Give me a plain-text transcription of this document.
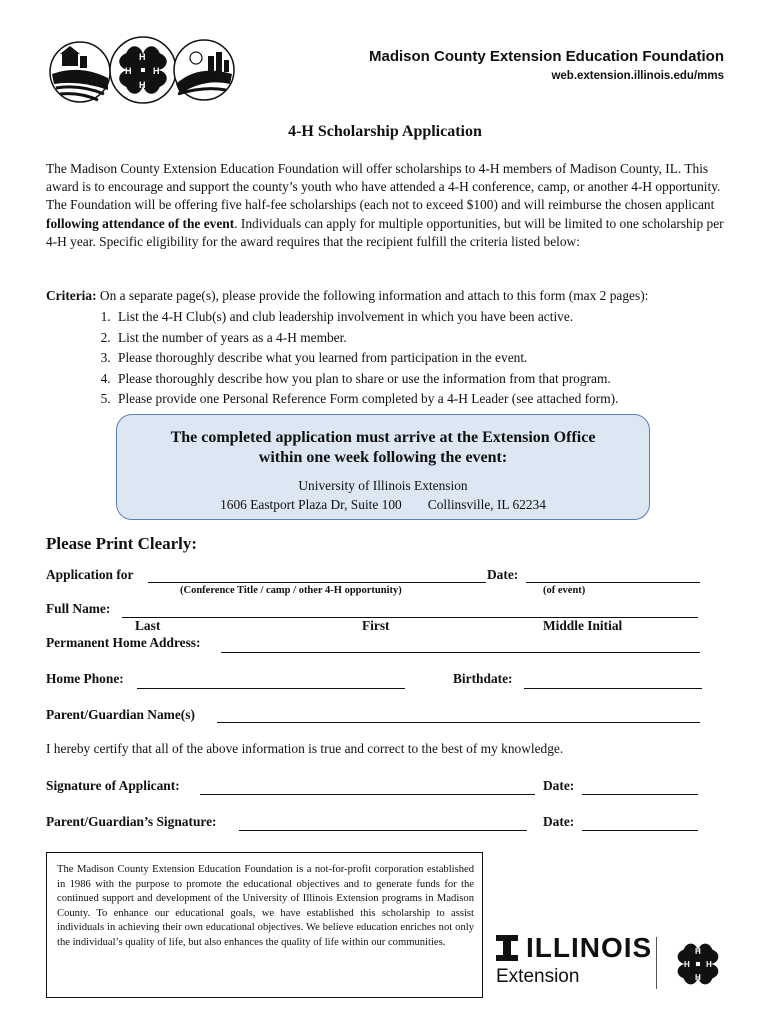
H
H
H
H
Madison County Extension Education Foundation
web.extension.illinois.edu/mms
4-H Scholarship Application
The Madison County Extension Education Foundation will offer scholarships to 4-H members of Madison County, IL. This award is to encourage and support the county’s youth who have attended a 4-H conference, camp, or another 4-H opportunity. The Foundation will be offering five half-fee scholarships (each not to exceed $100) and will reimburse the chosen applicant following attendance of the event. Individuals can apply for multiple opportunities, but will be limited to one scholarship per 4-H year. Specific eligibility for the award requires that the recipient fulfill the criteria listed below:
Criteria: On a separate page(s), please provide the following information and attach to this form (max 2 pages):
1. List the 4-H Club(s) and club leadership involvement in which you have been active.
2. List the number of years as a 4-H member.
3. Please thoroughly describe what you learned from participation in the event.
4. Please thoroughly describe how you plan to share or use the information from that program.
5. Please provide one Personal Reference Form completed by a 4-H Leader (see attached form).
The completed application must arrive at the Extension Office
within one week following the event:
University of Illinois Extension
1606 Eastport Plaza Dr, Suite 100 Collinsville, IL 62234
Please Print Clearly:
Application for	Date:
(Conference Title / camp / other 4-H opportunity)	(of event)
Full Name:
Last	First	Middle Initial
Permanent Home Address:
Home Phone:	Birthdate:
Parent/Guardian Name(s)
I hereby certify that all of the above information is true and correct to the best of my knowledge.
Signature of Applicant:	Date:
Parent/Guardian’s Signature:	Date:
The Madison County Extension Education Foundation is a not-for-profit corporation established in 1986 with the purpose to promote the educational objectives and to generate funds for the continued support and development of the University of Illinois Extension programs in Madison County. To enhance our educational goals, we have established this scholarship to assist individuals in achieving their own educational objectives. We believe education enriches not only the individual’s quality of life, but also enhances the quality of life within our communities.	ILLINOIS
Extension
H
H
H
H
